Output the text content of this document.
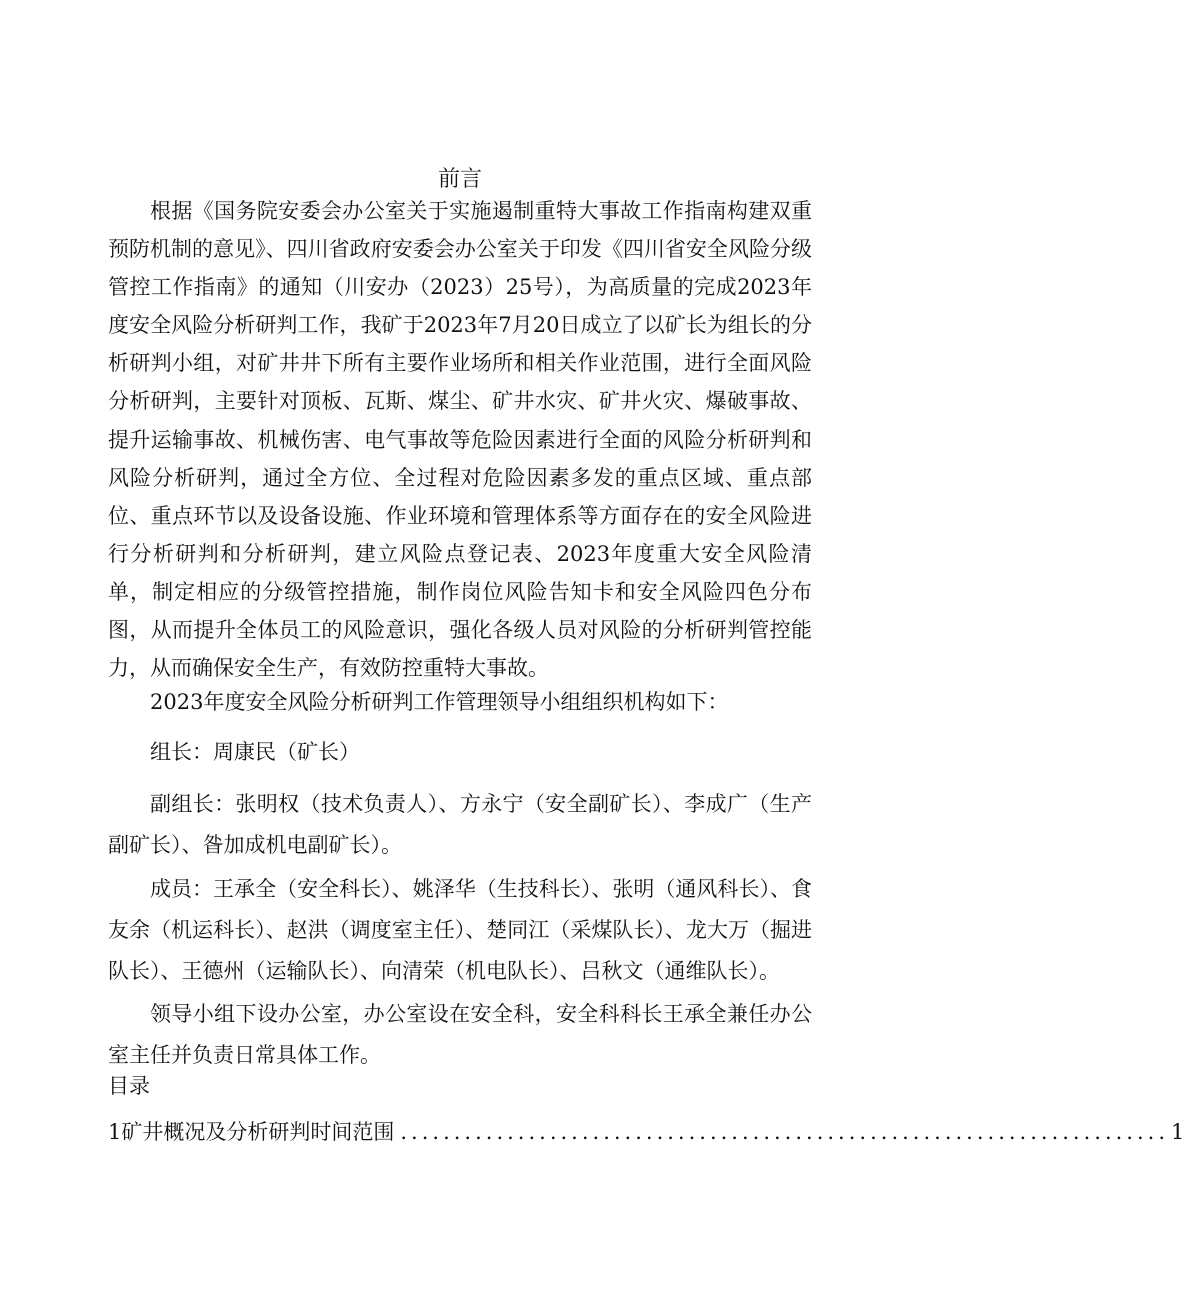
前言

根据《国务院安委会办公室关于实施遏制重特大事故工作指南构建双重预防机制的意见》、四川省政府安委会办公室关于印发《四川省安全风险分级管控工作指南》的通知（川安办（2023）25号），为高质量的完成2023年度安全风险分析研判工作，我矿于2023年7月20日成立了以矿长为组长的分析研判小组，对矿井井下所有主要作业场所和相关作业范围，进行全面风险分析研判，主要针对顶板、瓦斯、煤尘、矿井水灾、矿井火灾、爆破事故、提升运输事故、机械伤害、电气事故等危险因素进行全面的风险分析研判和风险分析研判，通过全方位、全过程对危险因素多发的重点区域、重点部位、重点环节以及设备设施、作业环境和管理体系等方面存在的安全风险进行分析研判和分析研判，建立风险点登记表、2023年度重大安全风险清单，制定相应的分级管控措施，制作岗位风险告知卡和安全风险四色分布图，从而提升全体员工的风险意识，强化各级人员对风险的分析研判管控能力，从而确保安全生产，有效防控重特大事故。

2023年度安全风险分析研判工作管理领导小组组织机构如下：

组长：周康民（矿长）

副组长：张明权（技术负责人）、方永宁（安全副矿长）、李成广（生产副矿长）、昝加成机电副矿长）。

成员：王承全（安全科长）、姚泽华（生技科长）、张明（通风科长）、食友余（机运科长）、赵洪（调度室主任）、楚同江（采煤队长）、龙大万（掘进队长）、王德州（运输队长）、向清荣（机电队长）、吕秋文（通维队长）。

领导小组下设办公室，办公室设在安全科，安全科科长王承全兼任办公室主任并负责日常具体工作。

目录
1矿井概况及分析研判时间范围 ........................................................................ 1
